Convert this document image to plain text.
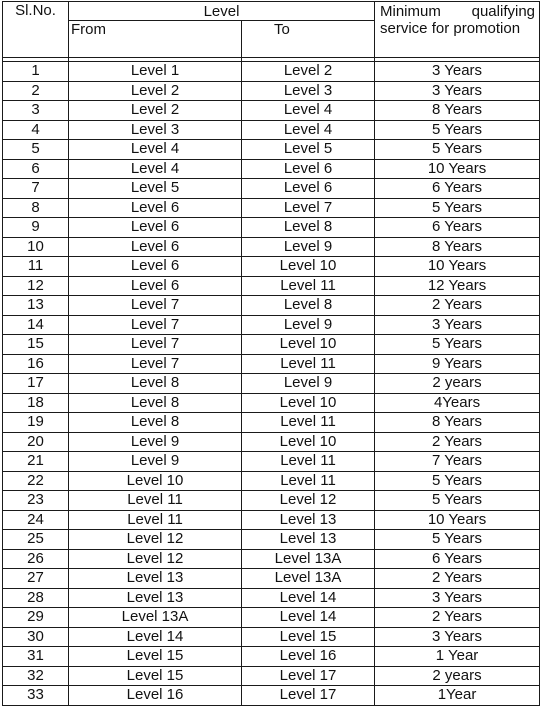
Sl.No.	Level		Minimum qualifying
service for promotion

	From	To	

1	Level 1	Level 2	3 Years
2	Level 2	Level 3	3 Years
3	Level 2	Level 4	8 Years
4	Level 3	Level 4	5 Years
5	Level 4	Level 5	5 Years
6	Level 4	Level 6	10 Years
7	Level 5	Level 6	6 Years
8	Level 6	Level 7	5 Years
9	Level 6	Level 8	6 Years
10	Level 6	Level 9	8 Years
11	Level 6	Level 10	10 Years
12	Level 6	Level 11	12 Years
13	Level 7	Level 8	2 Years
14	Level 7	Level 9	3 Years
15	Level 7	Level 10	5 Years
16	Level 7	Level 11	9 Years
17	Level 8	Level 9	2 years
18	Level 8	Level 10	4Years
19	Level 8	Level 11	8 Years
20	Level 9	Level 10	2 Years
21	Level 9	Level 11	7 Years
22	Level 10	Level 11	5 Years
23	Level 11	Level 12	5 Years
24	Level 11	Level 13	10 Years
25	Level 12	Level 13	5 Years
26	Level 12	Level 13A	6 Years
27	Level 13	Level 13A	2 Years
28	Level 13	Level 14	3 Years
29	Level 13A	Level 14	2 Years
30	Level 14	Level 15	3 Years
31	Level 15	Level 16	1 Year
32	Level 15	Level 17	2 years
33	Level 16	Level 17	1Year
